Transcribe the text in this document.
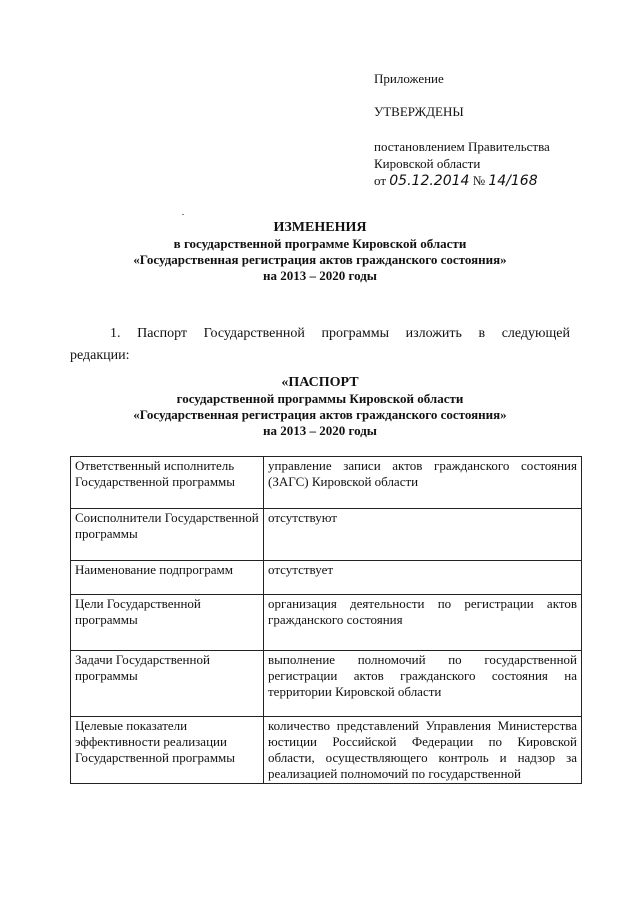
Приложение
УТВЕРЖДЕНЫ
постановлением Правительства
Кировской области
от 05.12.2014 № 14/168
ИЗМЕНЕНИЯ
в государственной программе Кировской области
«Государственная регистрация актов гражданского состояния»
на 2013 – 2020 годы
1. Паспорт Государственной программы изложить в следующей
редакции:
«ПАСПОРТ
государственной программы Кировской области
«Государственная регистрация актов гражданского состояния»
на 2013 – 2020 годы
Ответственный исполнитель Государственной программы	управление записи актов гражданского состояния (ЗАГС) Кировской области
Соисполнители Государственной программы	отсутствуют
Наименование подпрограмм	отсутствует
Цели Государственной программы	организация деятельности по регистрации актов гражданского состояния
Задачи Государственной программы	выполнение полномочий по государственной регистрации актов гражданского состояния на территории Кировской области
Целевые показатели эффективности реализации Государственной программы	количество представлений Управления Министерства юстиции Российской Федерации по Кировской области, осуществляющего контроль и надзор за реализацией полномочий по государственной
